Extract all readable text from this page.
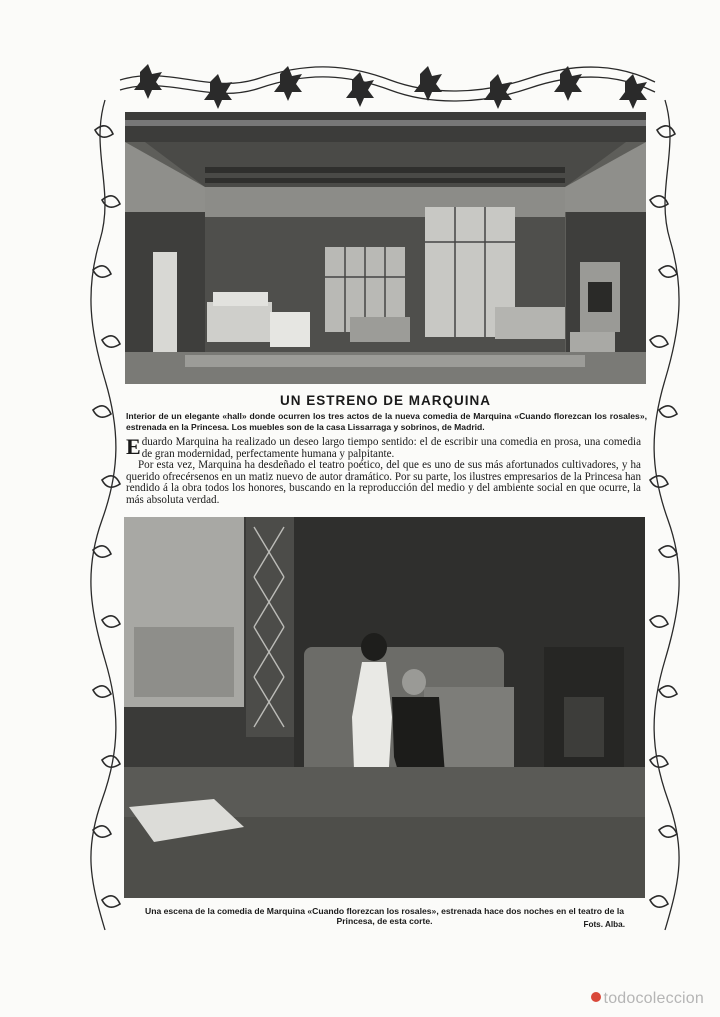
UN ESTRENO DE MARQUINA
Interior de un elegante «hall» donde ocurren los tres actos de la nueva comedia de Marquina «Cuando florezcan los rosales», estrenada en la Princesa. Los muebles son de la casa Lissarraga y sobrinos, de Madrid.

Eduardo Marquina ha realizado un deseo largo tiempo sentido: el de escribir una comedia en prosa, una comedia de gran modernidad, perfectamente humana y palpitante.

Por esta vez, Marquina ha desdeñado el teatro poético, del que es uno de sus más afortunados cultivadores, y ha querido ofrecérsenos en un matiz nuevo de autor dramático. Por su parte, los ilustres empresarios de la Princesa han rendido á la obra todos los honores, buscando en la reproducción del medio y del ambiente social en que ocurre, la más absoluta verdad.

Una escena de la comedia de Marquina «Cuando florezcan los rosales», estrenada hace dos noches en el teatro de la Princesa, de esta corte.	Fots. Alba.
todocoleccion
